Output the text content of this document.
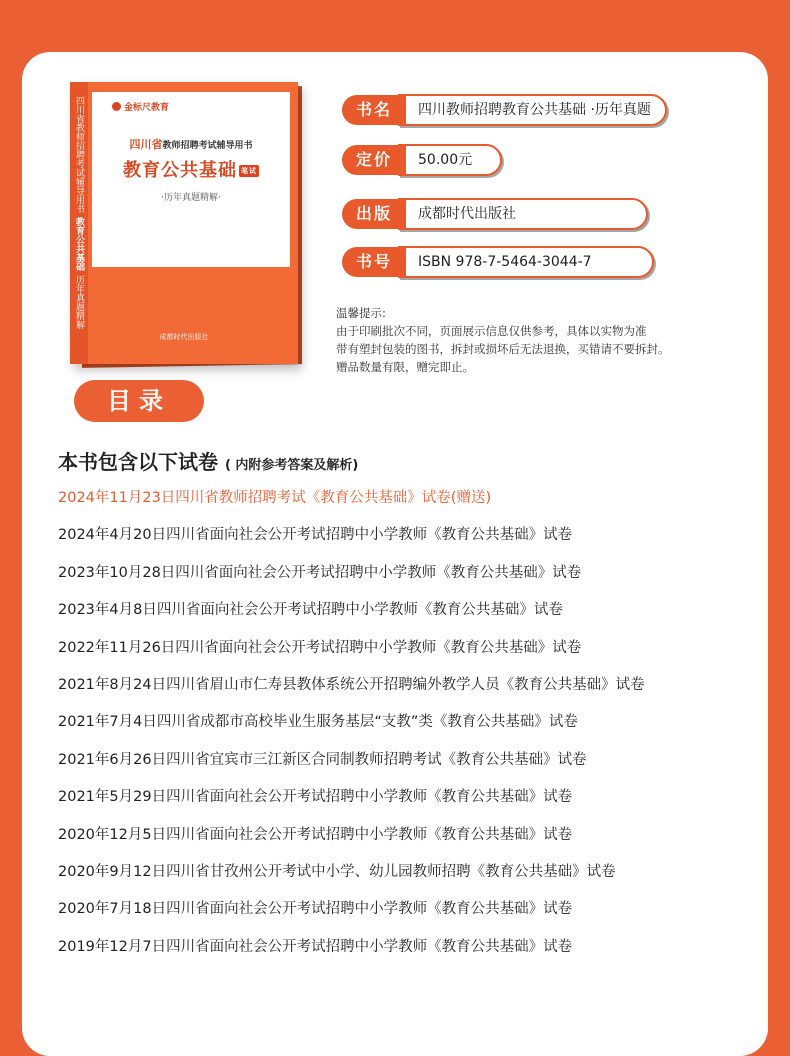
四川省教师招聘考试辅导用书
教育公共基础
历年真题精解
金标尺教育
四川省教师招聘考试辅导用书
教育公共基础 笔试
·历年真题精解·
金标尺教育 ○ 编著
成都时代出版社
书名	四川教师招聘教育公共基础 ·历年真题
定价	50.00元
出版	成都时代出版社
书号	ISBN 978-7-5464-3044-7
温馨提示:
由于印刷批次不同，页面展示信息仅供参考，具体以实物为准
带有塑封包装的图书，拆封或损坏后无法退换，买错请不要拆封。
赠品数量有限，赠完即止。
目录
本书包含以下试卷 ( 内附参考答案及解析)
2024年11月23日四川省教师招聘考试《教育公共基础》试卷(赠送)
2024年4月20日四川省面向社会公开考试招聘中小学教师《教育公共基础》试卷
2023年10月28日四川省面向社会公开考试招聘中小学教师《教育公共基础》试卷
2023年4月8日四川省面向社会公开考试招聘中小学教师《教育公共基础》试卷
2022年11月26日四川省面向社会公开考试招聘中小学教师《教育公共基础》试卷
2021年8月24日四川省眉山市仁寿县教体系统公开招聘编外教学人员《教育公共基础》试卷
2021年7月4日四川省成都市高校毕业生服务基层“支教”类《教育公共基础》试卷
2021年6月26日四川省宜宾市三江新区合同制教师招聘考试《教育公共基础》试卷
2021年5月29日四川省面向社会公开考试招聘中小学教师《教育公共基础》试卷
2020年12月5日四川省面向社会公开考试招聘中小学教师《教育公共基础》试卷
2020年9月12日四川省甘孜州公开考试中小学、幼儿园教师招聘《教育公共基础》试卷
2020年7月18日四川省面向社会公开考试招聘中小学教师《教育公共基础》试卷
2019年12月7日四川省面向社会公开考试招聘中小学教师《教育公共基础》试卷
